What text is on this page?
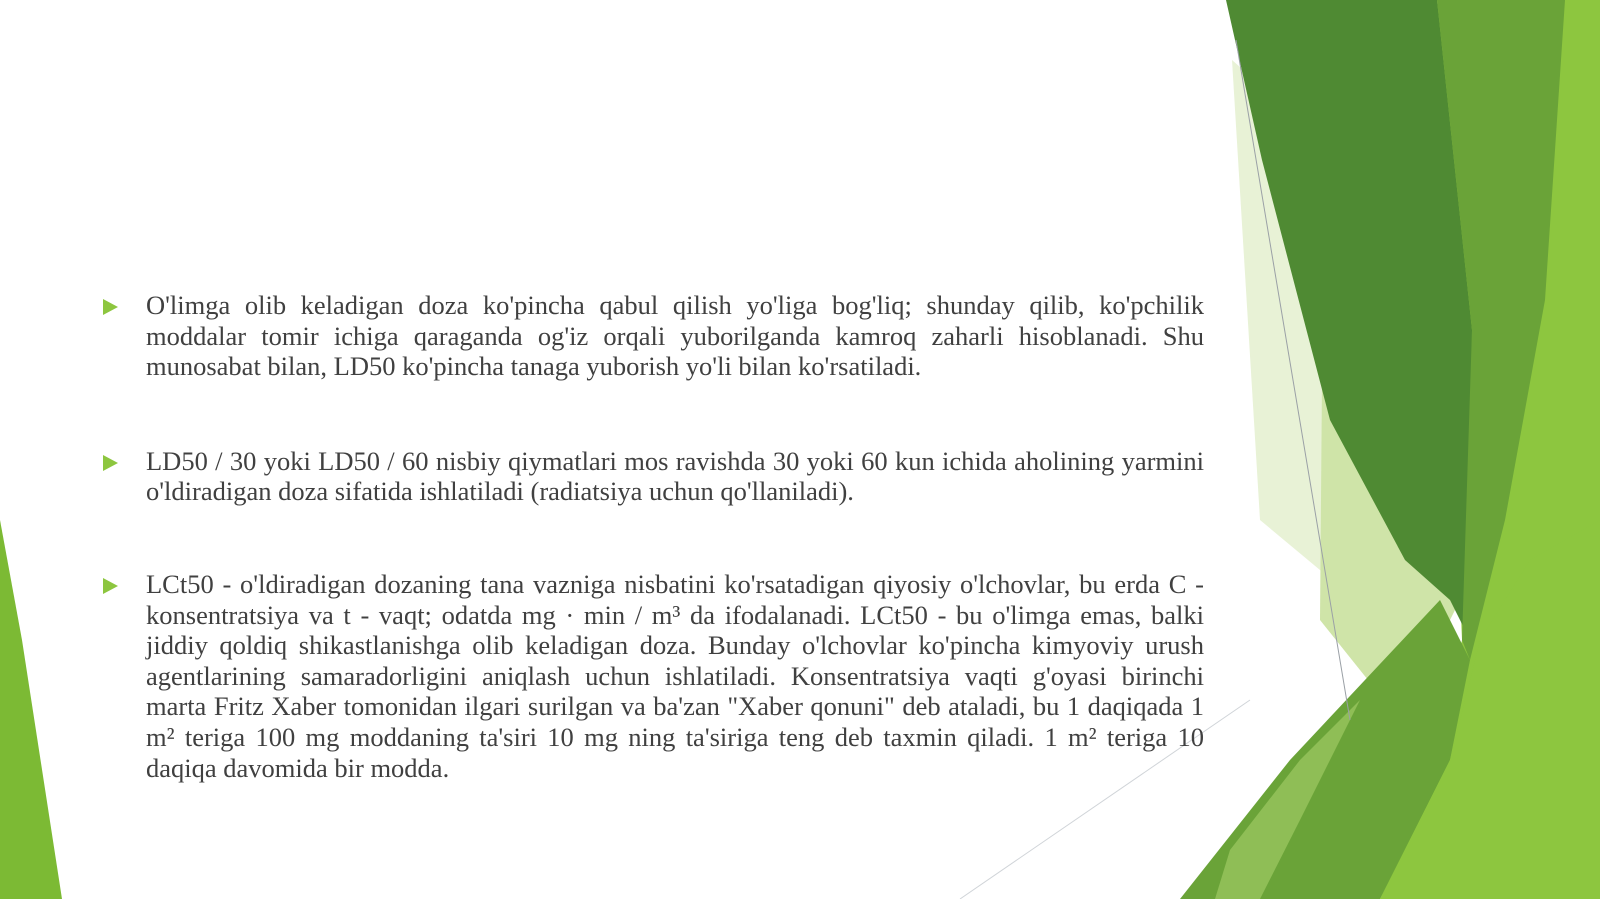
O'limga olib keladigan doza ko'pincha qabul qilish yo'liga bog'liq; shunday qilib, ko'pchilik moddalar tomir ichiga qaraganda og'iz orqali yuborilganda kamroq zaharli hisoblanadi. Shu munosabat bilan, LD50 ko'pincha tanaga yuborish yo'li bilan ko'rsatiladi.
LD50 / 30 yoki LD50 / 60 nisbiy qiymatlari mos ravishda 30 yoki 60 kun ichida aholining yarmini o'ldiradigan doza sifatida ishlatiladi (radiatsiya uchun qo'llaniladi).
LCt50 - o'ldiradigan dozaning tana vazniga nisbatini ko'rsatadigan qiyosiy o'lchovlar, bu erda C - konsentratsiya va t - vaqt; odatda mg · min / m³ da ifodalanadi. LCt50 - bu o'limga emas, balki jiddiy qoldiq shikastlanishga olib keladigan doza. Bunday o'lchovlar ko'pincha kimyoviy urush agentlarining samaradorligini aniqlash uchun ishlatiladi. Konsentratsiya vaqti g'oyasi birinchi marta Fritz Xaber tomonidan ilgari surilgan va ba'zan "Xaber qonuni" deb ataladi, bu 1 daqiqada 1 m² teriga 100 mg moddaning ta'siri 10 mg ning ta'siriga teng deb taxmin qiladi. 1 m² teriga 10 daqiqa davomida bir modda.
